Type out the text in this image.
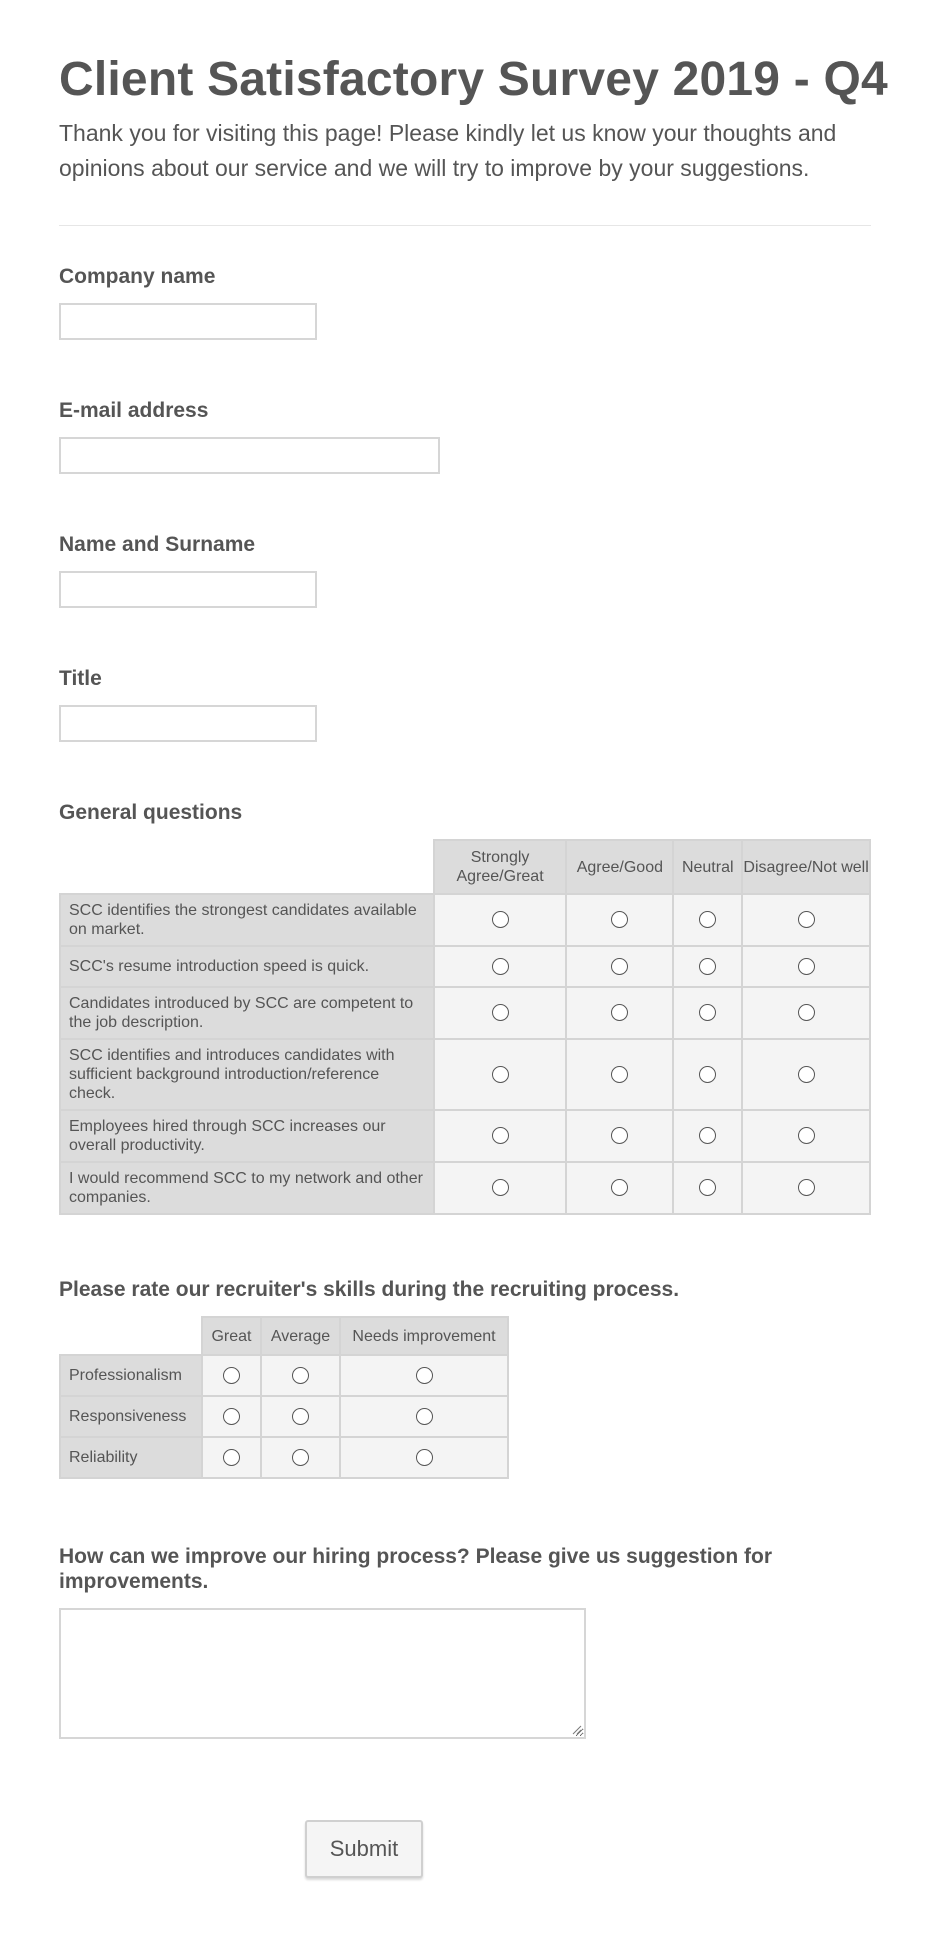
Client Satisfactory Survey 2019 - Q4
Thank you for visiting this page! Please kindly let us know your thoughts and opinions about our service and we will try to improve by your suggestions.
Company name
E-mail address
Name and Surname
Title
General questions
	Strongly Agree/Great	Agree/Good	Neutral	Disagree/Not well
SCC identifies the strongest candidates available on market.				
SCC's resume introduction speed is quick.				
Candidates introduced by SCC are competent to the job description.				
SCC identifies and introduces candidates with sufficient background introduction/reference check.				
Employees hired through SCC increases our overall productivity.				
I would recommend SCC to my network and other companies.				
Please rate our recruiter's skills during the recruiting process.
	Great	Average	Needs improvement
Professionalism			
Responsiveness			
Reliability			
How can we improve our hiring process? Please give us suggestion for improvements.
Submit
